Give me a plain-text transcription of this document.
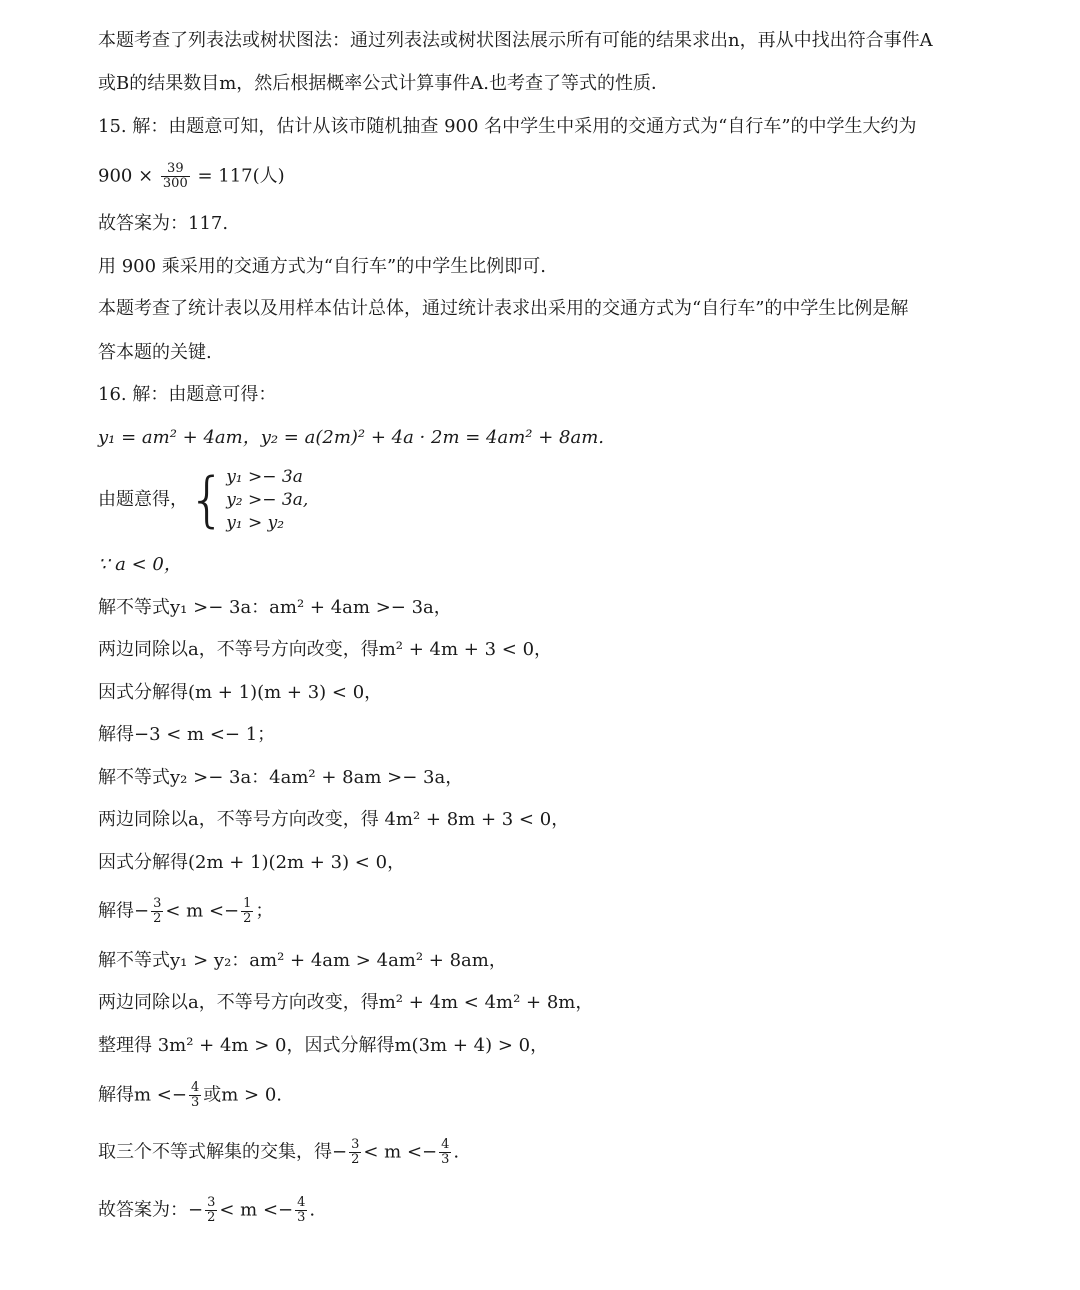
本题考查了列表法或树状图法：通过列表法或树状图法展示所有可能的结果求出n，再从中找出符合事件A
或B的结果数目m，然后根据概率公式计算事件A.也考查了等式的性质．
15. 解：由题意可知，估计从该市随机抽查 900 名中学生中采用的交通方式为“自行车”的中学生大约为
$900 \times \frac{39}{300} = 117$(人)
故答案为：117.
用 900 乘采用的交通方式为“自行车”的中学生比例即可.
本题考查了统计表以及用样本估计总体，通过统计表求出采用的交通方式为“自行车”的中学生比例是解
答本题的关键.
16. 解：由题意可得：
y₁ = am² + 4am，y₂ = a(2m)² + 4a · 2m = 4am² + 8am.
由题意得，{ y₁ >− 3a
y₂ >− 3a,
y₁ > y₂
∵ a < 0，
解不等式y₁ >− 3a：am² + 4am >− 3a，
两边同除以a，不等号方向改变，得m² + 4m + 3 < 0，
因式分解得(m + 1)(m + 3) < 0，
解得−3 < m <− 1；
解不等式y₂ >− 3a：4am² + 8am >− 3a，
两边同除以a，不等号方向改变，得 4m² + 8m + 3 < 0，
因式分解得(2m + 1)(2m + 3) < 0，
解得− $\frac{3}{2} < m <- \frac{1}{2}$ ；
解不等式y₁ > y₂：am² + 4am > 4am² + 8am，
两边同除以a，不等号方向改变，得m² + 4m < 4m² + 8m，
整理得 3m² + 4m > 0，因式分解得m(3m + 4) > 0，
解得$m <- \frac{4}{3}$ 或m > 0.
取三个不等式解集的交集，得− $\frac{3}{2} < m <- \frac{4}{3}$ .
故答案为：− $\frac{3}{2} < m <- \frac{4}{3}$ .
